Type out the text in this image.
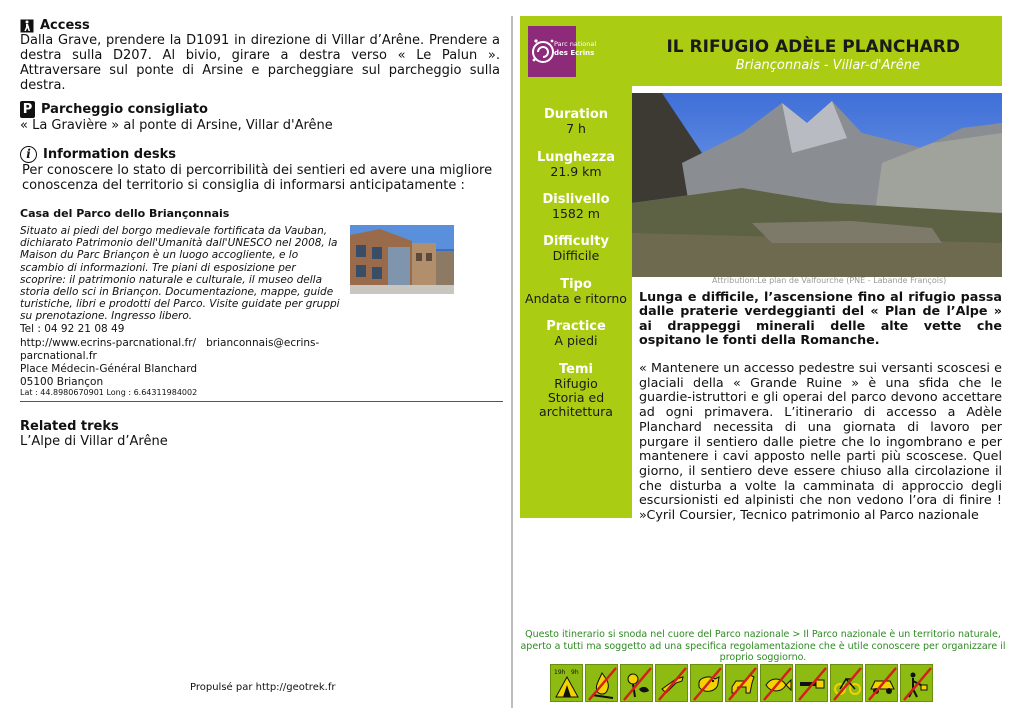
Access
Dalla Grave, prendere la D1091 in direzione di Villar d’Arêne. Prendere a destra sulla D207. Al bivio, girare a destra verso « Le Palun ». Attraversare sul ponte di Arsine e parcheggiare sul parcheggio sulla destra.
P Parcheggio consigliato
« La Gravière » al ponte di Arsine, Villar d'Arêne
i Information desks
Per conoscere lo stato di percorribilità dei sentieri ed avere una migliore conoscenza del territorio si consiglia di informarsi anticipatamente :
Casa del Parco dello Briançonnais
Situato ai piedi del borgo medievale fortificata da Vauban, dichiarato Patrimonio dell'Umanità dall'UNESCO nel 2008, la Maison du Parc Briançon è un luogo accogliente, e lo scambio di informazioni. Tre piani di esposizione per scoprire: il patrimonio naturale e culturale, il museo della storia dello sci in Briançon. Documentazione, mappe, guide turistiche, libri e prodotti del Parco. Visite guidate per gruppi su prenotazione. Ingresso libero.
Tel : 04 92 21 08 49
http://www.ecrins-parcnational.fr/ brianconnais@ecrins-parcnational.fr
Place Médecin-Général Blanchard
05100 Briançon
Lat : 44.8980670901 Long : 6.64311984002
Related treks
L’Alpe di Villar d’Arêne
Propulsé par http://geotrek.fr
Parc national
des Ecrins	IL RIFUGIO ADÈLE PLANCHARD
Briançonnais - Villar-d'Arêne
Duration
7 h
Lunghezza
21.9 km
Dislivello
1582 m
Difficulty
Difficile
Tipo
Andata e ritorno
Practice
A piedi
Temi
Rifugio Storia ed architettura
Attribution:Le plan de Valfourche (PNE - Labande François)
Lunga e difficile, l’ascensione fino al rifugio passa dalle praterie verdeggianti del « Plan de l’Alpe » ai drappeggi minerali delle alte vette che ospitano le fonti della Romanche.
« Mantenere un accesso pedestre sui versanti scoscesi e glaciali della « Grande Ruine » è una sfida che le guardie-istruttori e gli operai del parco devono accettare ad ogni primavera. L’itinerario di accesso a Adèle Planchard necessita di una giornata di lavoro per purgare il sentiero dalle pietre che lo ingombrano e per mantenere i cavi apposto nelle parti più scoscese. Quel giorno, il sentiero deve essere chiuso alla circolazione il che disturba a volte la camminata di approccio degli escursionisti ed alpinisti che non vedono l’ora di finire ! »Cyril Coursier, Tecnico patrimonio al Parco nazionale
Questo itinerario si snoda nel cuore del Parco nazionale > Il Parco nazionale è un territorio naturale, aperto a tutti ma soggetto ad una specifica regolamentazione che è utile conoscere per organizzare il proprio soggiorno.
19h 9h
